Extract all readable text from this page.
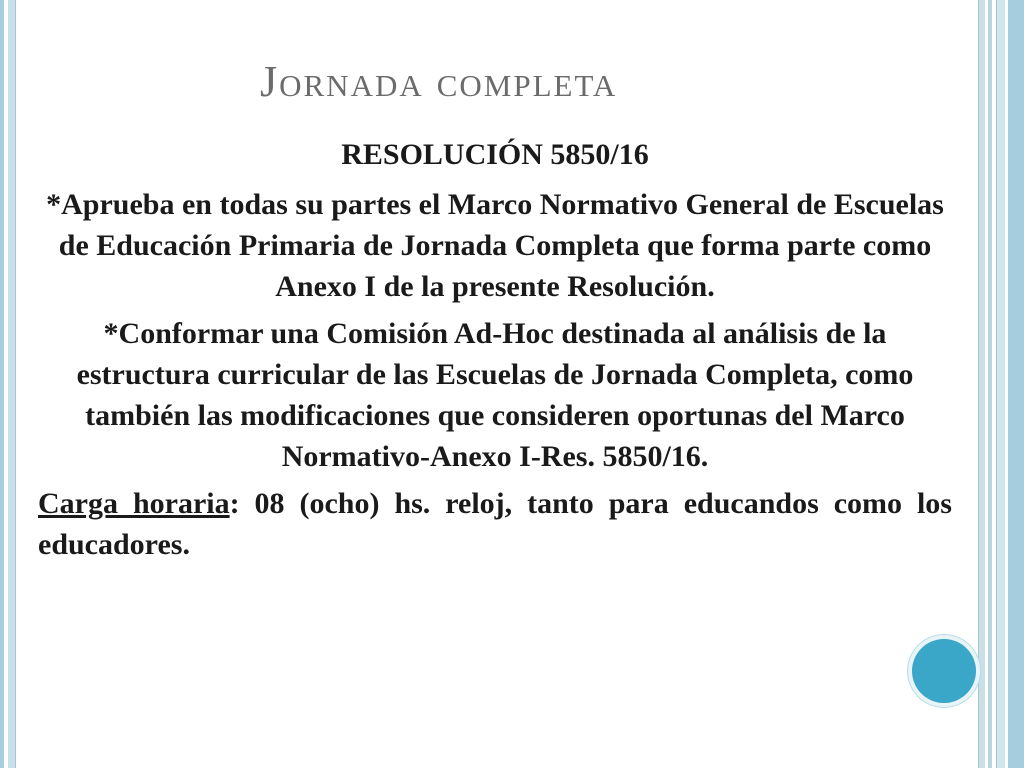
Jornada completa

RESOLUCIÓN 5850/16

*Aprueba en todas su partes el Marco Normativo General de Escuelas de Educación Primaria de Jornada Completa que forma parte como Anexo I de la presente Resolución.

*Conformar una Comisión Ad-Hoc destinada al análisis de la estructura curricular de las Escuelas de Jornada Completa, como también las modificaciones que consideren oportunas del Marco Normativo-Anexo I-Res. 5850/16.

Carga horaria: 08 (ocho) hs. reloj, tanto para educandos como los educadores.
